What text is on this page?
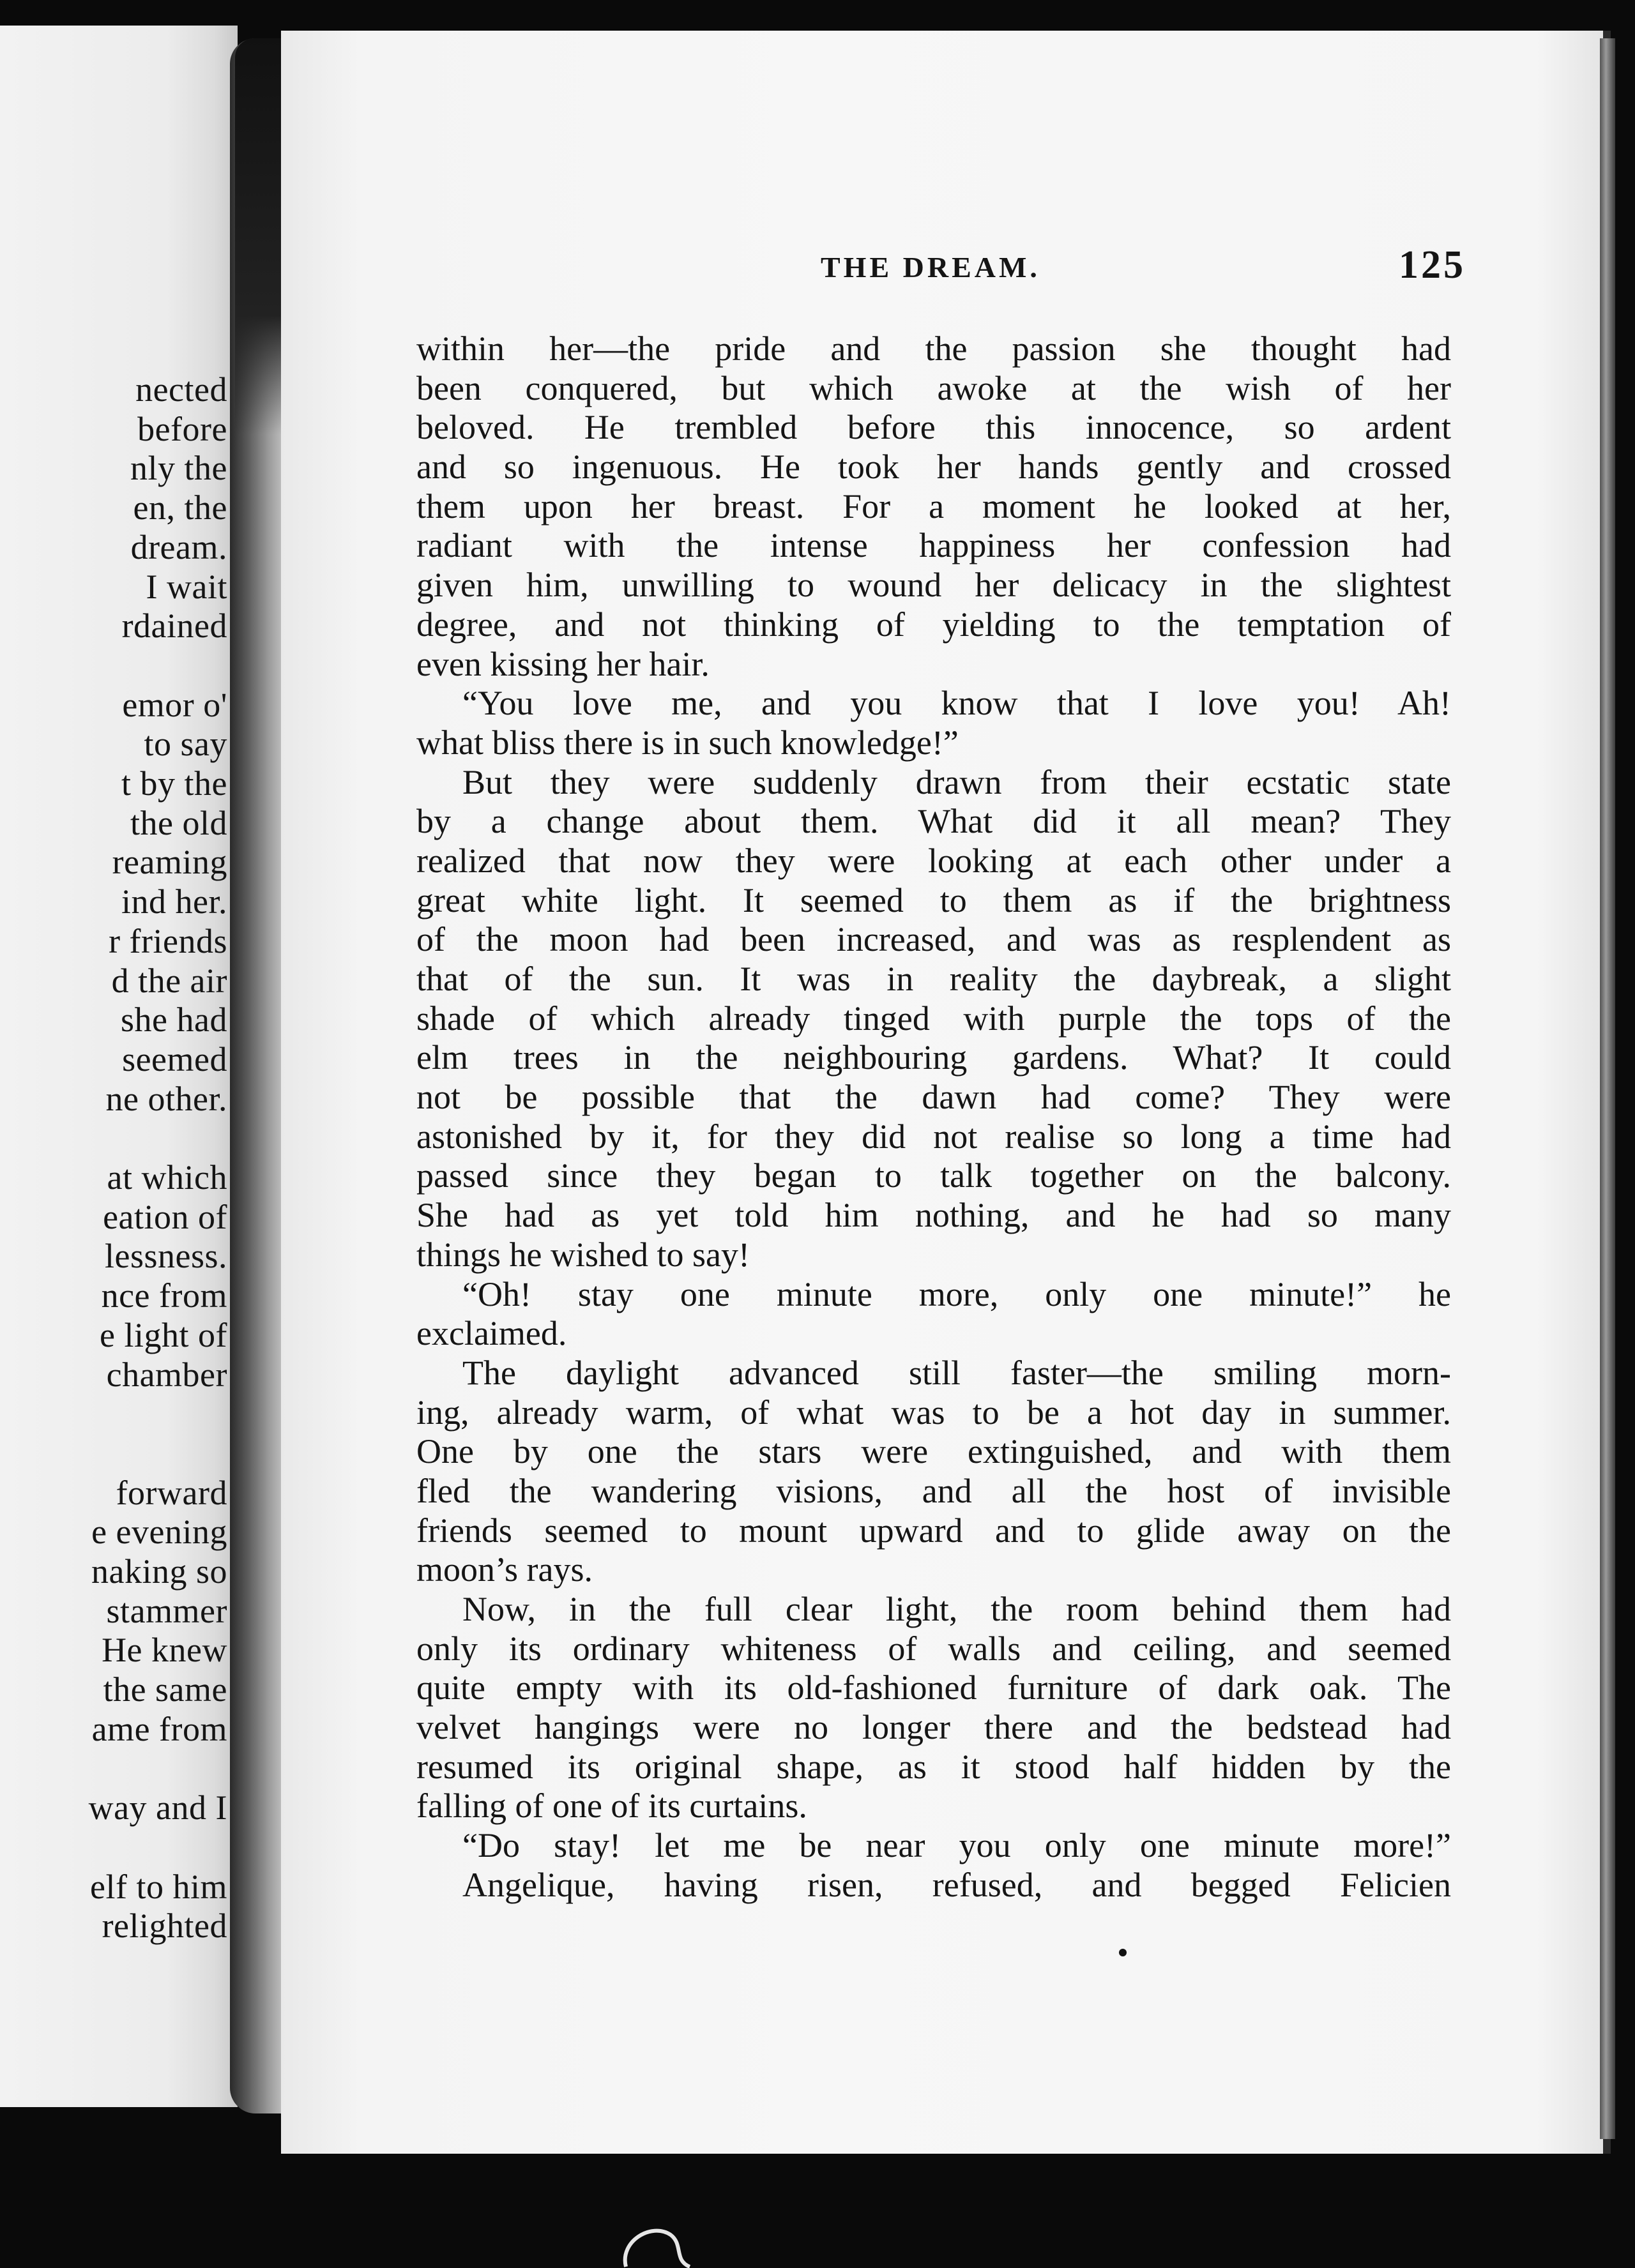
nected
before
nly the
en, the
dream.
I wait
rdained
emor o'
to say
t by the
the old
reaming
ind her.
r friends
d the air
she had
seemed
ne other.
at which
eation of
lessness.
nce from
e light of
chamber
forward
e evening
naking so
stammer
He knew
the same
ame from
way and I
elf to him
relighted
THE DREAM.	125
within her—the pride and the passion she thought had
been conquered, but which awoke at the wish of her
beloved. He trembled before this innocence, so ardent
and so ingenuous. He took her hands gently and crossed
them upon her breast. For a moment he looked at her,
radiant with the intense happiness her confession had
given him, unwilling to wound her delicacy in the slightest
degree, and not thinking of yielding to the temptation of
even kissing her hair.
“You love me, and you know that I love you! Ah!
what bliss there is in such knowledge!”
But they were suddenly drawn from their ecstatic state
by a change about them. What did it all mean? They
realized that now they were looking at each other under a
great white light. It seemed to them as if the brightness
of the moon had been increased, and was as resplendent as
that of the sun. It was in reality the daybreak, a slight
shade of which already tinged with purple the tops of the
elm trees in the neighbouring gardens. What? It could
not be possible that the dawn had come? They were
astonished by it, for they did not realise so long a time had
passed since they began to talk together on the balcony.
She had as yet told him nothing, and he had so many
things he wished to say!
“Oh! stay one minute more, only one minute!” he
exclaimed.
The daylight advanced still faster—the smiling morn-
ing, already warm, of what was to be a hot day in summer.
One by one the stars were extinguished, and with them
fled the wandering visions, and all the host of invisible
friends seemed to mount upward and to glide away on the
moon’s rays.
Now, in the full clear light, the room behind them had
only its ordinary whiteness of walls and ceiling, and seemed
quite empty with its old-fashioned furniture of dark oak. The
velvet hangings were no longer there and the bedstead had
resumed its original shape, as it stood half hidden by the
falling of one of its curtains.
“Do stay! let me be near you only one minute more!”
Angelique, having risen, refused, and begged Felicien
